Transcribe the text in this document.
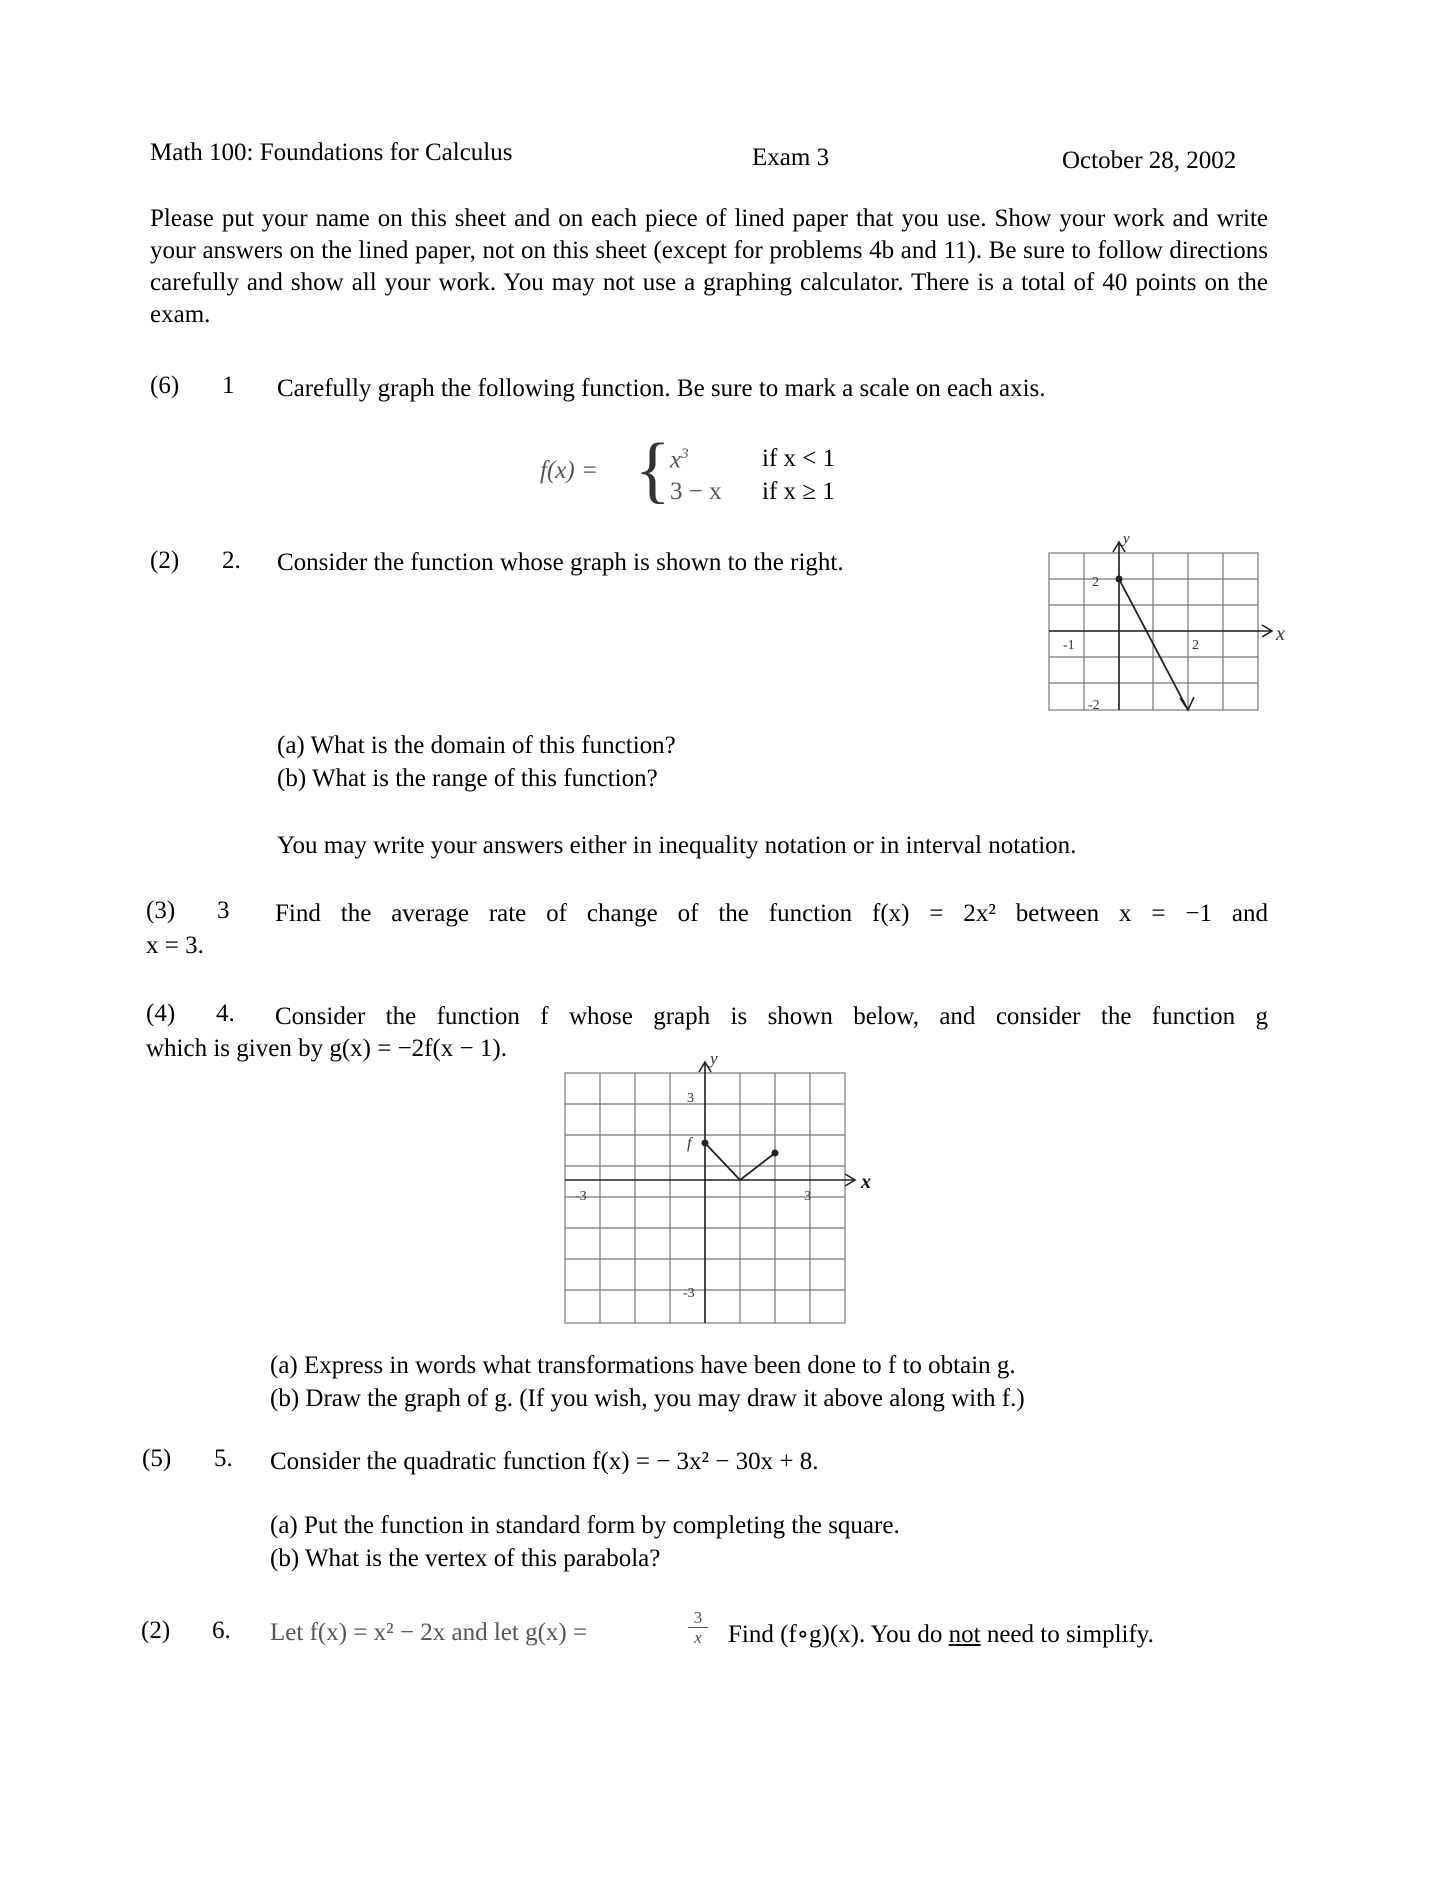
Math 100: Foundations for Calculus	Exam 3	October 28, 2002
Please put your name on this sheet and on each piece of lined paper that you use. Show your work and write your answers on the lined paper, not on this sheet (except for problems 4b and 11). Be sure to follow directions carefully and show all your work. You may not use a graphing calculator. There is a total of 40 points on the exam.
(6) 1 Carefully graph the following function. Be sure to mark a scale on each axis.
f(x) = { $x^3$	if x < 1
3 − x if x ≥ 1
(2) 2. Consider the function whose graph is shown to the right.
y
x
2
-2
-1	2
(a) What is the domain of this function?
(b) What is the range of this function?
You may write your answers either in inequality notation or in interval notation.
(3) 3 Find the average rate of change of the function f(x) = 2x² between x = −1 and
x = 3.
(4) 4. Consider the function f whose graph is shown below, and consider the function g
which is given by g(x) = −2f(x − 1).	y
x
f
3
-3
-3	3
(a) Express in words what transformations have been done to f to obtain g.
(b) Draw the graph of g. (If you wish, you may draw it above along with f.)
(5) 5. Consider the quadratic function f(x) = − 3x² − 30x + 8.
(a) Put the function in standard form by completing the square.
(b) What is the vertex of this parabola?
(2) 6. Let f(x) = x² − 2x and let g(x) =	$\frac{3}{x}$ Find (f∘g)(x). You do not need to simplify.
